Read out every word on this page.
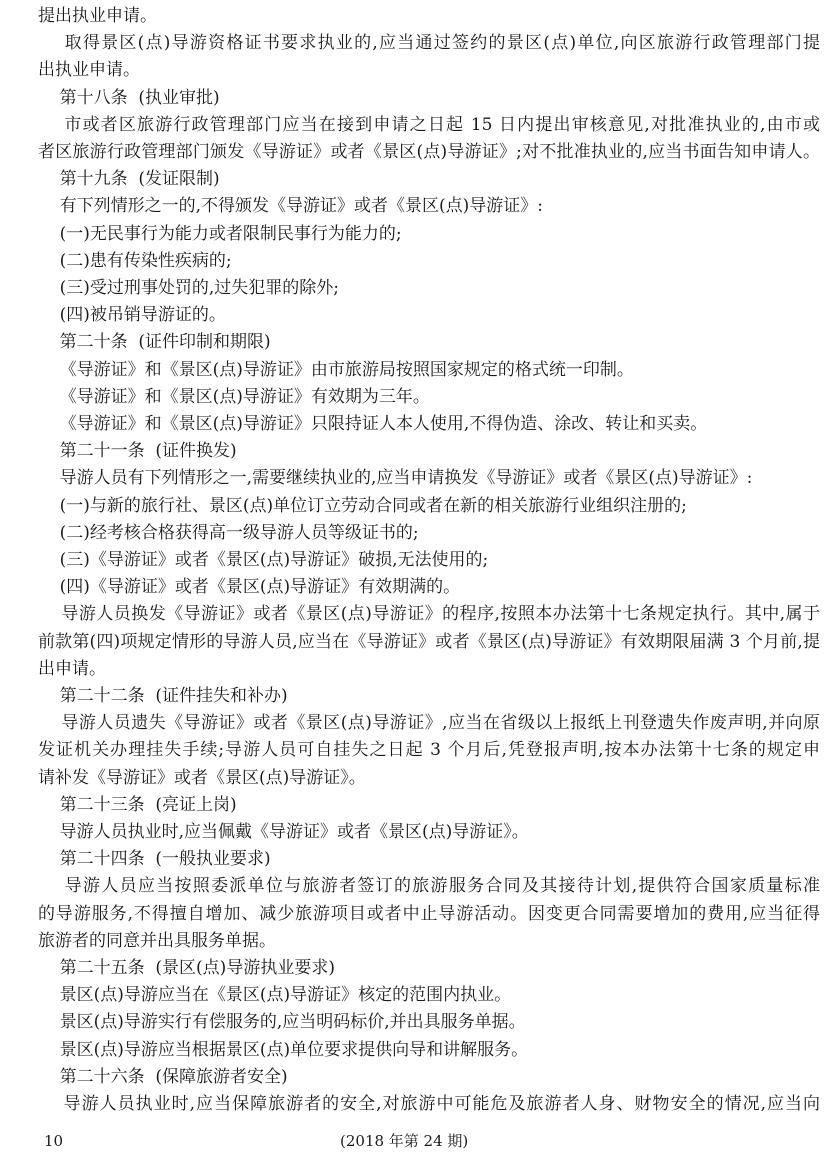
提出执业申请。
取得景区(点)导游资格证书要求执业的,应当通过签约的景区(点)单位,向区旅游行政管理部门提
出执业申请。
第十八条  (执业审批)
市或者区旅游行政管理部门应当在接到申请之日起 15 日内提出审核意见,对批准执业的,由市或
者区旅游行政管理部门颁发《导游证》或者《景区(点)导游证》;对不批准执业的,应当书面告知申请人。
第十九条  (发证限制)
有下列情形之一的,不得颁发《导游证》或者《景区(点)导游证》:
(一)无民事行为能力或者限制民事行为能力的;
(二)患有传染性疾病的;
(三)受过刑事处罚的,过失犯罪的除外;
(四)被吊销导游证的。
第二十条  (证件印制和期限)
《导游证》和《景区(点)导游证》由市旅游局按照国家规定的格式统一印制。
《导游证》和《景区(点)导游证》有效期为三年。
《导游证》和《景区(点)导游证》只限持证人本人使用,不得伪造、涂改、转让和买卖。
第二十一条  (证件换发)
导游人员有下列情形之一,需要继续执业的,应当申请换发《导游证》或者《景区(点)导游证》:
(一)与新的旅行社、景区(点)单位订立劳动合同或者在新的相关旅游行业组织注册的;
(二)经考核合格获得高一级导游人员等级证书的;
(三)《导游证》或者《景区(点)导游证》破损,无法使用的;
(四)《导游证》或者《景区(点)导游证》有效期满的。
导游人员换发《导游证》或者《景区(点)导游证》的程序,按照本办法第十七条规定执行。其中,属于
前款第(四)项规定情形的导游人员,应当在《导游证》或者《景区(点)导游证》有效期限届满 3 个月前,提
出申请。
第二十二条  (证件挂失和补办)
导游人员遗失《导游证》或者《景区(点)导游证》,应当在省级以上报纸上刊登遗失作废声明,并向原
发证机关办理挂失手续;导游人员可自挂失之日起 3 个月后,凭登报声明,按本办法第十七条的规定申
请补发《导游证》或者《景区(点)导游证》。
第二十三条  (亮证上岗)
导游人员执业时,应当佩戴《导游证》或者《景区(点)导游证》。
第二十四条  (一般执业要求)
导游人员应当按照委派单位与旅游者签订的旅游服务合同及其接待计划,提供符合国家质量标准
的导游服务,不得擅自增加、减少旅游项目或者中止导游活动。因变更合同需要增加的费用,应当征得
旅游者的同意并出具服务单据。
第二十五条  (景区(点)导游执业要求)
景区(点)导游应当在《景区(点)导游证》核定的范围内执业。
景区(点)导游实行有偿服务的,应当明码标价,并出具服务单据。
景区(点)导游应当根据景区(点)单位要求提供向导和讲解服务。
第二十六条  (保障旅游者安全)
导游人员执业时,应当保障旅游者的安全,对旅游中可能危及旅游者人身、财物安全的情况,应当向
10	(2018 年第 24 期)
